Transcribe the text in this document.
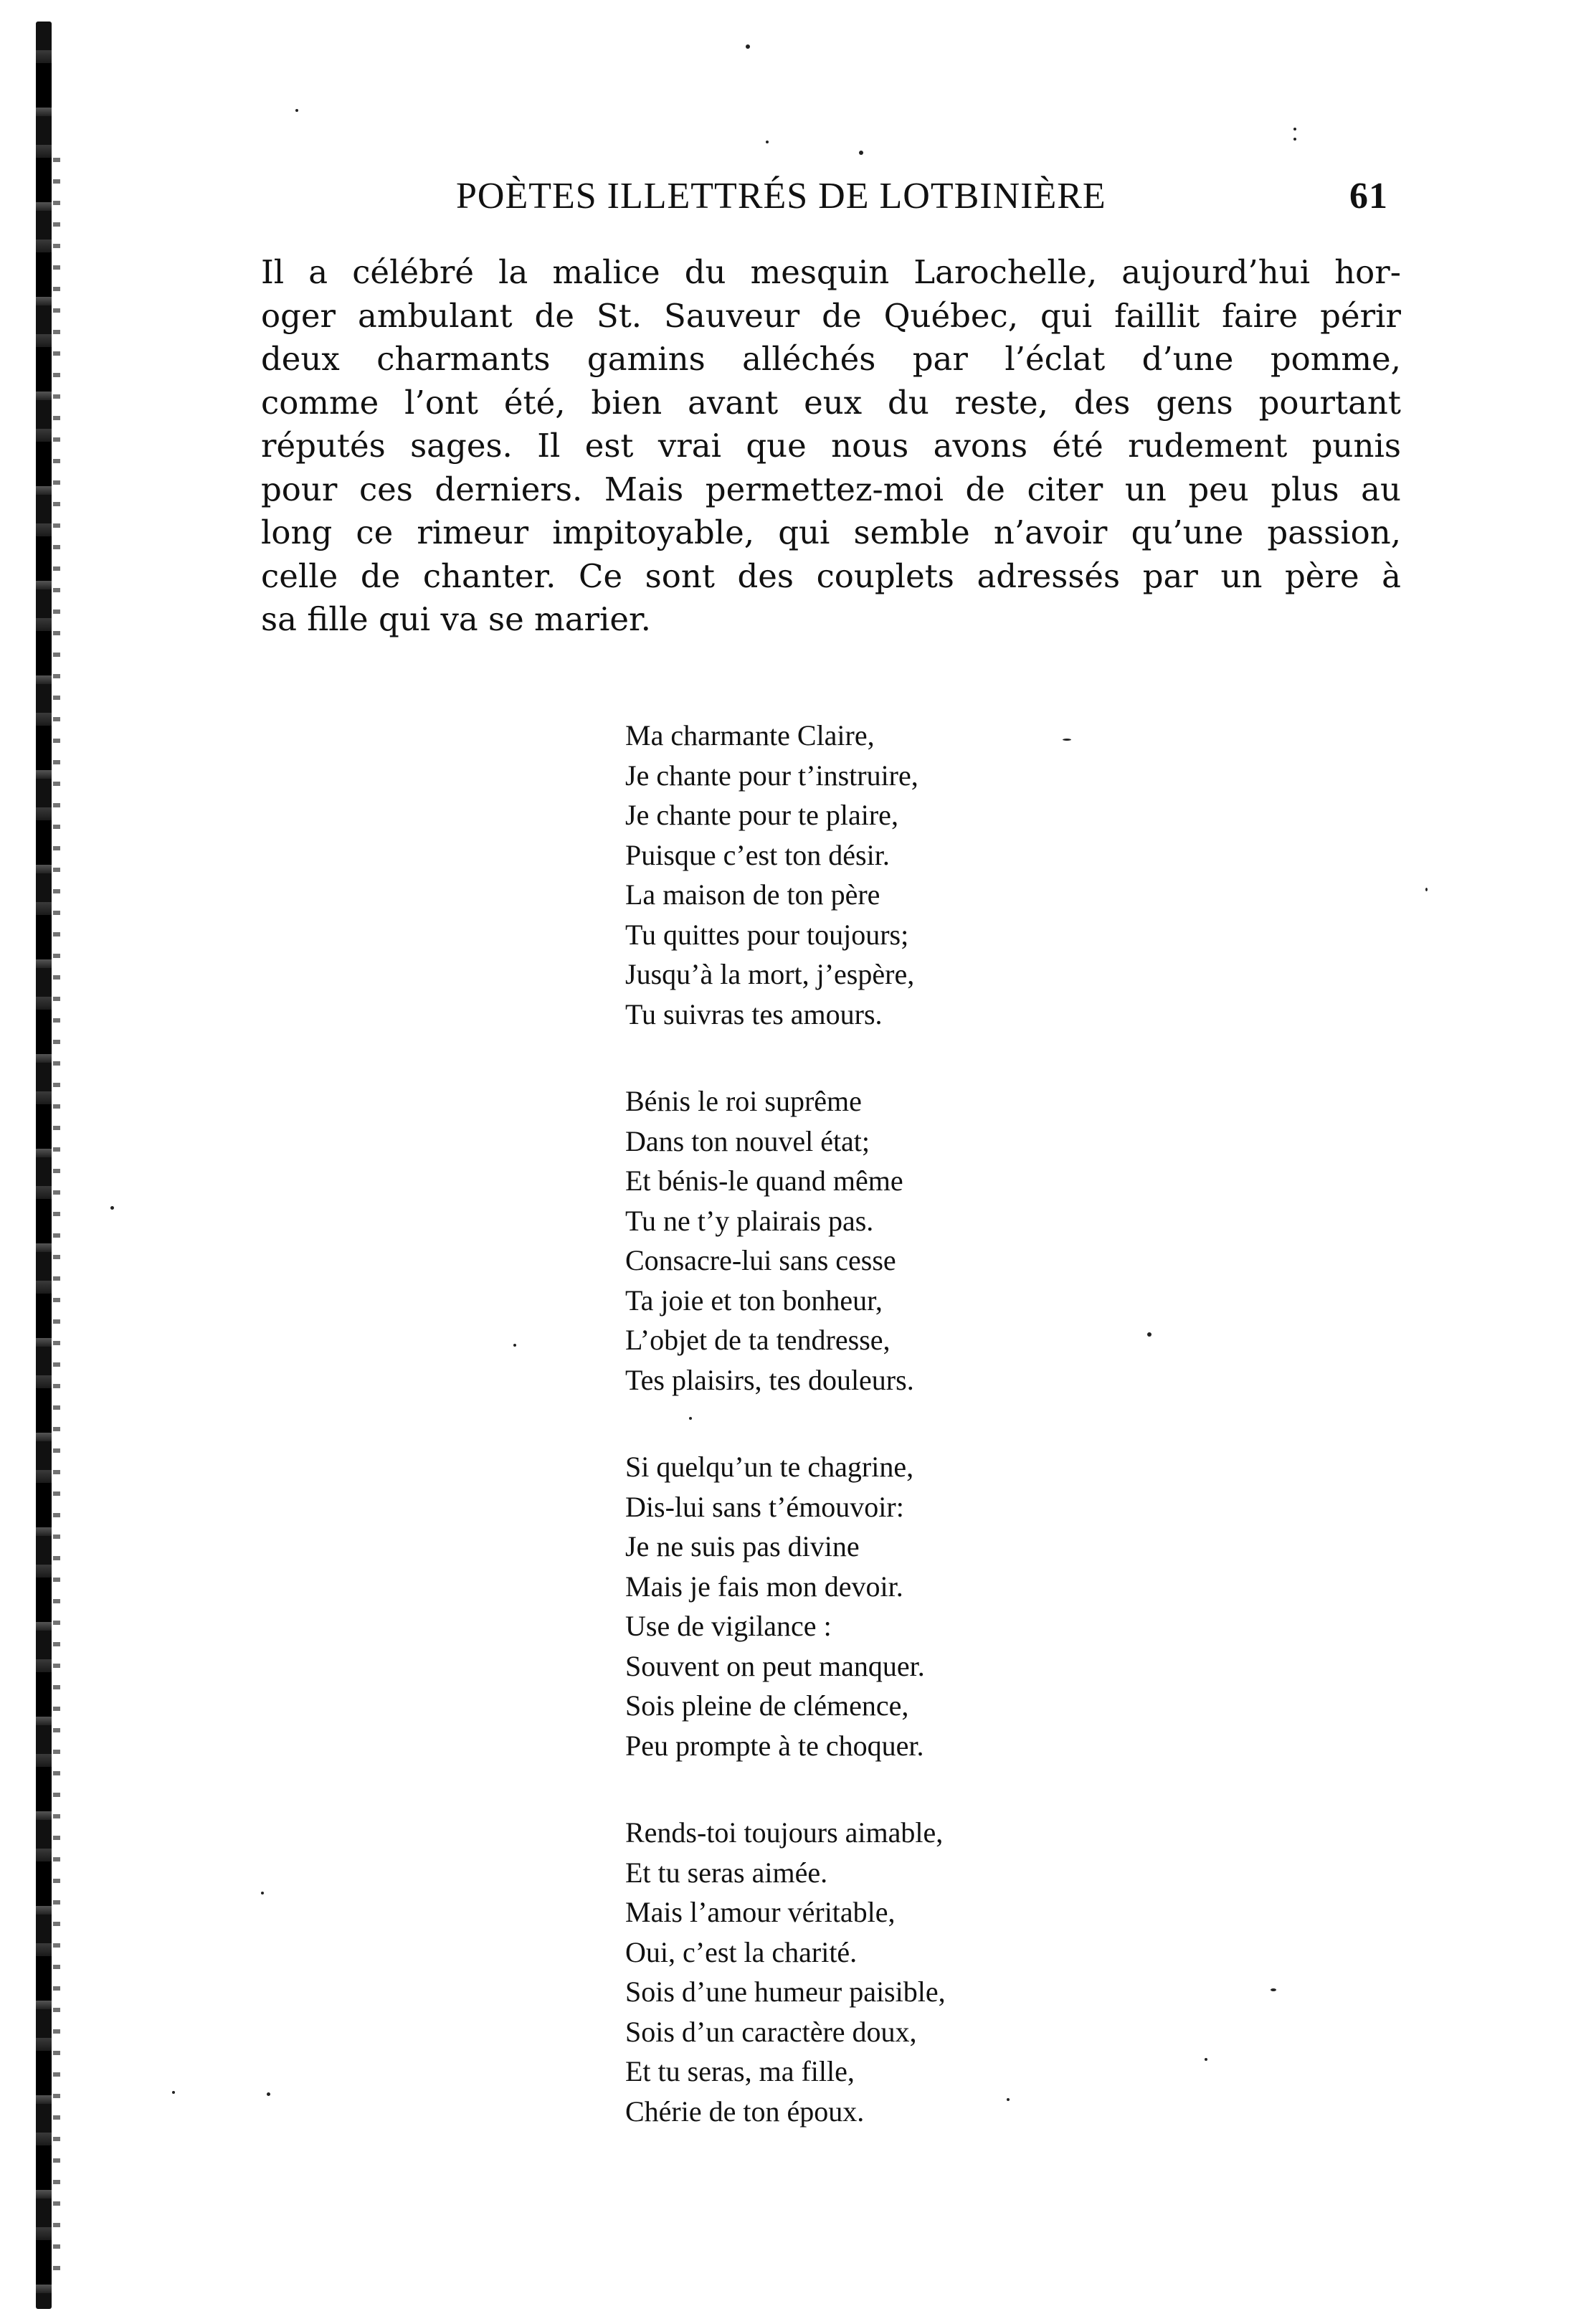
POÈTES ILLETTRÉS DE LOTBINIÈRE	61
Il a célébré la malice du mesquin Larochelle, aujourd’hui hor-
oger ambulant de St. Sauveur de Québec, qui faillit faire périr
deux charmants gamins alléchés par l’éclat d’une pomme,
comme l’ont été, bien avant eux du reste, des gens pourtant
réputés sages. Il est vrai que nous avons été rudement punis
pour ces derniers. Mais permettez-moi de citer un peu plus au
long ce rimeur impitoyable, qui semble n’avoir qu’une passion,
celle de chanter. Ce sont des couplets adressés par un père à
sa fille qui va se marier.
Ma charmante Claire,
Je chante pour t’instruire,
Je chante pour te plaire,
Puisque c’est ton désir.
La maison de ton père
Tu quittes pour toujours;
Jusqu’à la mort, j’espère,
Tu suivras tes amours.
Bénis le roi suprême
Dans ton nouvel état;
Et bénis-le quand même
Tu ne t’y plairais pas.
Consacre-lui sans cesse
Ta joie et ton bonheur,
L’objet de ta tendresse,
Tes plaisirs, tes douleurs.
Si quelqu’un te chagrine,
Dis-lui sans t’émouvoir:
Je ne suis pas divine
Mais je fais mon devoir.
Use de vigilance :
Souvent on peut manquer.
Sois pleine de clémence,
Peu prompte à te choquer.
Rends-toi toujours aimable,
Et tu seras aimée.
Mais l’amour véritable,
Oui, c’est la charité.
Sois d’une humeur paisible,
Sois d’un caractère doux,
Et tu seras, ma fille,
Chérie de ton époux.
